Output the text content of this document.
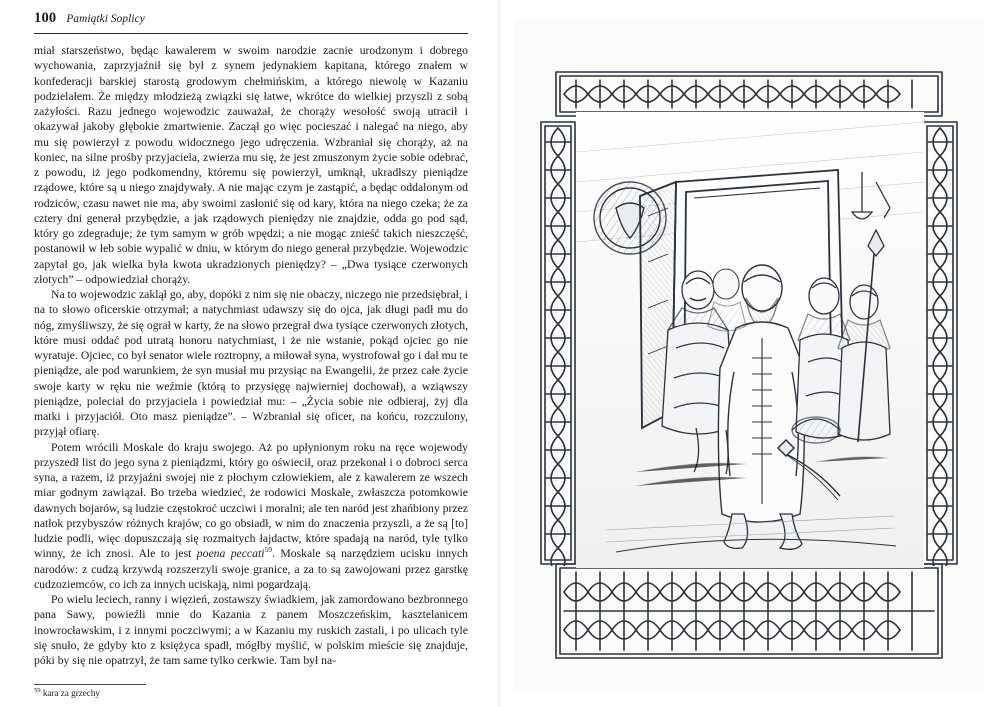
100 Pamiątki Soplicy

miał starszeństwo, będąc kawalerem w swoim narodzie zacnie urodzonym i dobrego wychowania, zaprzyjaźnił się był z synem jedynakiem kapitana, którego znałem w konfederacji barskiej starostą grodowym chełmińskim, a którego niewolę w Kazaniu podzielałem. Że między młodzieżą związki się łatwe, wkrótce do wielkiej przyszli z sobą zażyłości. Razu jednego wojewodzic zauważał, że chorąży wesołość swoją utracił i okazywał jakoby głębokie zmartwienie. Zaczął go więc pocieszać i nalegać na niego, aby mu się powierzył z powodu widocznego jego udręczenia. Wzbraniał się chorąży, aż na koniec, na silne prośby przyjaciela, zwierza mu się, że jest zmuszonym życie sobie odebrać, z powodu, iż jego podkomendny, któremu się powierzył, umknął, ukradłszy pieniądze rządowe, które są u niego znajdywały. A nie mając czym je zastąpić, a będąc oddalonym od rodziców, czasu nawet nie ma, aby swoimi zasłonić się od kary, która na niego czeka; że za cztery dni generał przybędzie, a jak rządowych pieniędzy nie znajdzie, odda go pod sąd, który go zdegraduje; że tym samym w grób wpędzi; a nie mogąc znieść takich nieszczęść, postanowił w łeb sobie wypalić w dniu, w którym do niego generał przybędzie. Wojewodzic zapytał go, jak wielka była kwota ukradzionych pieniędzy? – „Dwa tysiące czerwonych złotych” – odpowiedział chorąży.

Na to wojewodzic zaklął go, aby, dopóki z nim się nie obaczy, niczego nie przedsiębrał, i na to słowo oficerskie otrzymał; a natychmiast udawszy się do ojca, jak długi padł mu do nóg, zmyśliwszy, że się ograł w karty, że na słowo przegrał dwa tysiące czerwonych złotych, które musi oddać pod utratą honoru natychmiast, i że nie wstanie, pokąd ojciec go nie wyratuje. Ojciec, co był senator wiele roztropny, a miłował syna, wystrofował go i dał mu te pieniądze, ale pod warunkiem, że syn musiał mu przysiąc na Ewangelii, że przez całe życie swoje karty w ręku nie weźmie (którą to przysięgę najwierniej dochował), a wziąwszy pieniądze, poleciał do przyjaciela i powiedział mu: – „Życia sobie nie odbieraj, żyj dla matki i przyjaciół. Oto masz pieniądze”. – Wzbraniał się oficer, na końcu, rozczulony, przyjął ofiarę.

Potem wrócili Moskale do kraju swojego. Aż po upłynionym roku na ręce wojewody przyszedł list do jego syna z pieniądzmi, który go oświecił, oraz przekonał i o dobroci serca syna, a razem, iż przyjaźni swojej nie z płochym człowiekiem, ale z kawalerem ze wszech miar godnym zawiązał. Bo trzeba wiedzieć, że rodowici Moskale, zwłaszcza potomkowie dawnych bojarów, są ludzie częstokroć uczciwi i moralni; ale ten naród jest zhańbiony przez natłok przybyszów różnych krajów, co go obsiadł, w nim do znaczenia przyszli, a że są [to] ludzie podli, więc dopuszczają się rozmaitych łajdactw, które spadają na naród, tyle tylko winny, że ich znosi. Ale to jest poena peccati$^{59}$. Moskale są narzędziem ucisku innych narodów: z cudzą krzywdą rozszerzyli swoje granice, a za to są zawojowani przez garstkę cudzoziemców, co ich za innych uciskają, nimi pogardzają.

Po wielu leciech, ranny i więzień, zostawszy świadkiem, jak zamordowano bezbronnego pana Sawy, powieźli mnie do Kazania z panem Moszczeńskim, kasztelanicem inowrocławskim, i z innymi poczciwymi; a w Kazaniu my ruskich zastali, i po ulicach tyle się snuło, że gdyby kto z księżyca spadł, mógłby myślić, w polskim mieście się znajduje, póki by się nie opatrzył, że tam same tylko cerkwie. Tam był na-

$^{59}$ kara za grzechy
